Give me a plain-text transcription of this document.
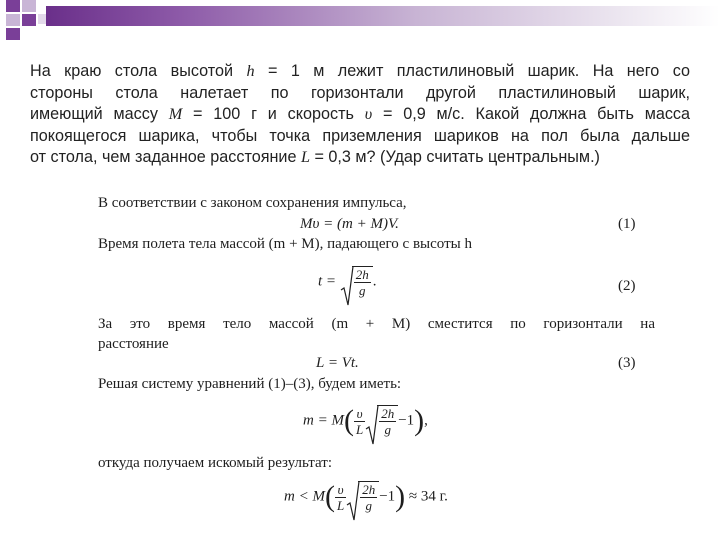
На краю стола высотой h = 1 м лежит пластилиновый шарик. На него со
стороны стола налетает по горизонтали другой пластилиновый шарик,
имеющий массу M = 100 г и скорость υ = 0,9 м/с. Какой должна быть масса
покоящегося шарика, чтобы точка приземления шариков на пол была дальше
от стола, чем заданное расстояние L = 0,3 м? (Удар считать центральным.)
В соответствии с законом сохранения импульса,
Mυ = (m + M)V.	(1)
Время полета тела массой (m + M), падающего с высоты h
$t = \frac{2h}{g}$ .	(2)
За это время тело массой (m + M) сместится по горизонтали на
расстояние
L = Vt.	(3)
Решая систему уравнений (1)–(3), будем иметь:
$m = M( \frac{\upsilon}{L} \frac{2h}{g} -1)$,
откуда получаем искомый результат:
$m < M( \frac{\upsilon}{L} \frac{2h}{g} -1) \approx 34$ г.
